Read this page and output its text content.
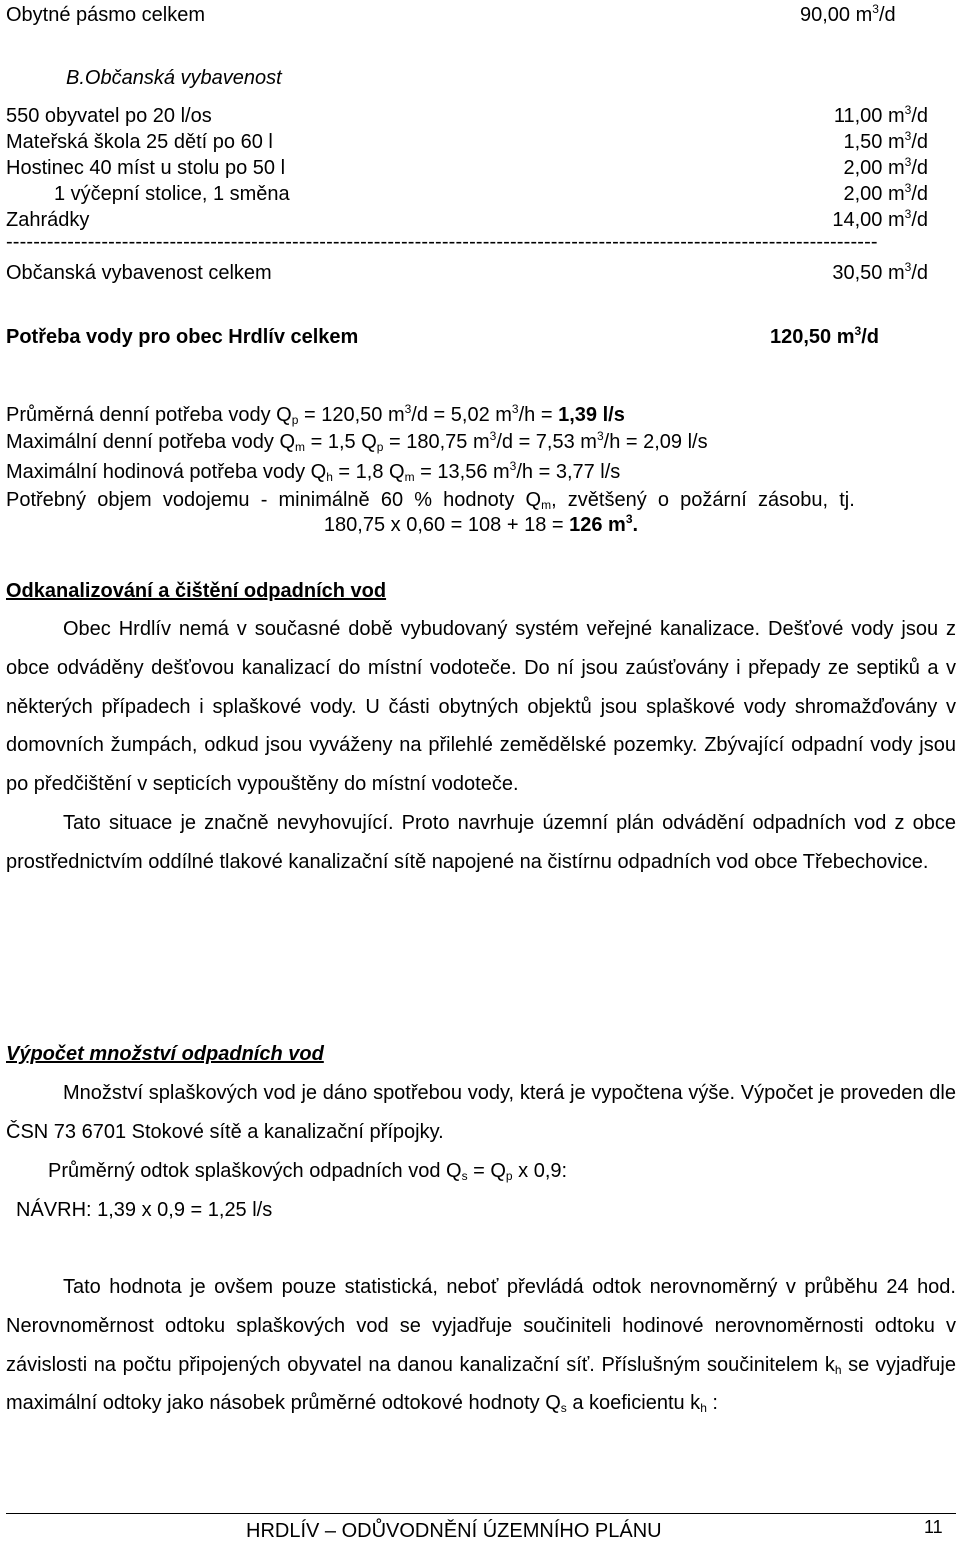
Obytné pásmo celkem	90,00 $m^3/d$
B.Občanská vybavenost
550 obyvatel po 20 l/os	11,00 $m^3/d$
Mateřská škola 25 dětí po 60 l	1,50 $m^3/d$
Hostinec 40 míst u stolu po 50 l	2,00 $m^3/d$
1 výčepní stolice, 1 směna	2,00 $m^3/d$
Zahrádky	14,00 $m^3/d$
--------------------------------------------------------------------------------------------------------------------------------
Občanská vybavenost celkem	30,50 $m^3/d$
Potřeba vody pro obec Hrdlív celkem	120,50 $m^3/d$
Průměrná denní potřeba vody $Q_p = 120,50$ $m^3/d = 5,02$ $m^3/h = 1,39$ l/s
Maximální denní potřeba vody $Q_m = 1,5$ $Q_p = 180,75$ $m^3/d = 7,53$ $m^3/h = 2,09$ l/s
Maximální hodinová potřeba vody $Q_h = 1,8$ $Q_m = 13,56$ $m^3/h = 3,77$ l/s
Potřebný objem vodojemu - minimálně 60 % hodnoty $Q_m$, zvětšený o požární zásobu, tj.
180,75 x 0,60 = 108 + 18 = 126 $m^3$.
Odkanalizování a čištění odpadních vod

Obec Hrdlív nemá v současné době vybudovaný systém veřejné kanalizace. Dešťové vody jsou z obce odváděny dešťovou kanalizací do místní vodoteče. Do ní jsou zaúsťovány i přepady ze septiků a v některých případech i splaškové vody. U části obytných objektů jsou splaškové vody shromažďovány v domovních žumpách, odkud jsou vyváženy na přilehlé zemědělské pozemky. Zbývající odpadní vody jsou po předčištění v septicích vypouštěny do místní vodoteče.

Tato situace je značně nevyhovující. Proto navrhuje územní plán odvádění odpadních vod z obce prostřednictvím oddílné tlakové kanalizační sítě napojené na čistírnu odpadních vod obce Třebechovice.

Výpočet množství odpadních vod

Množství splaškových vod je dáno spotřebou vody, která je vypočtena výše. Výpočet je proveden dle ČSN 73 6701 Stokové sítě a kanalizační přípojky.

Průměrný odtok splaškových odpadních vod $Q_s = Q_p$ x 0,9:
NÁVRH: 1,39 x 0,9 = 1,25 l/s

Tato hodnota je ovšem pouze statistická, neboť převládá odtok nerovnoměrný v průběhu 24 hod. Nerovnoměrnost odtoku splaškových vod se vyjadřuje součiniteli hodinové nerovnoměrnosti odtoku v závislosti na počtu připojených obyvatel na danou kanalizační síť. Příslušným součinitelem $k_h$ se vyjadřuje maximální odtoky jako násobek průměrné odtokové hodnoty $Q_s$ a koeficientu $k_h$ :

HRDLÍV – ODŮVODNĚNÍ ÚZEMNÍHO PLÁNU	11
